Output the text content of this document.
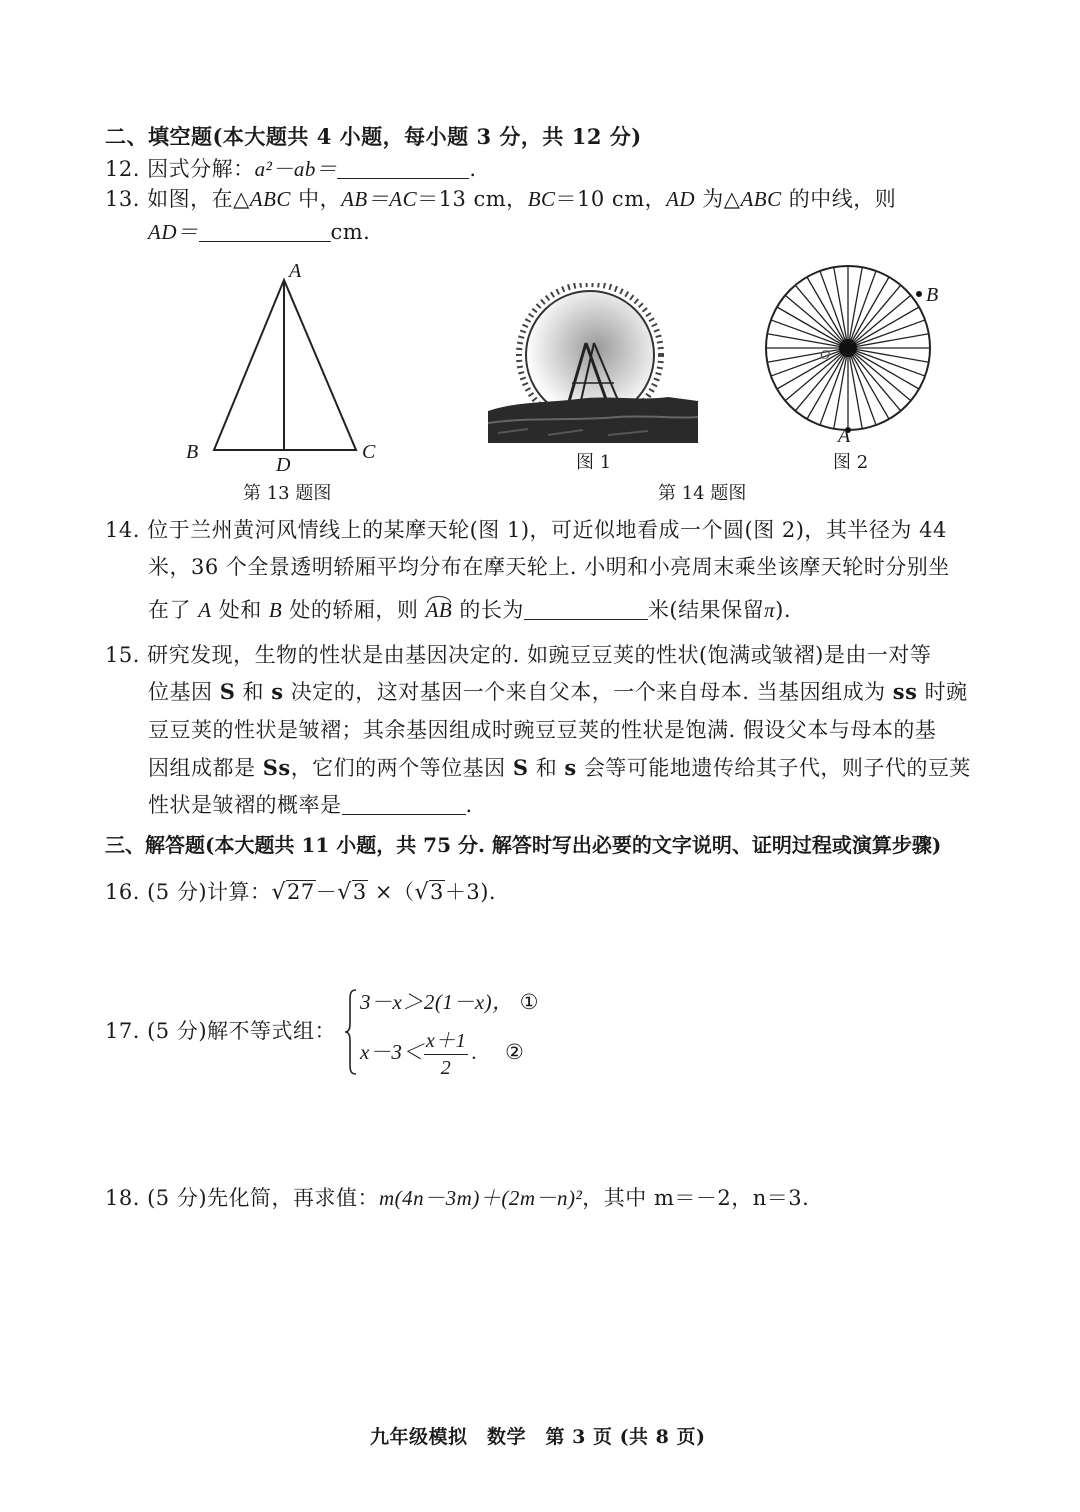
二、填空题(本大题共 4 小题，每小题 3 分，共 12 分)
12. 因式分解：a²－ab＝	.
13. 如图，在△ABC 中，AB＝AC＝13 cm，BC＝10 cm，AD 为△ABC 的中线，则
AD＝	cm.
A
B	C
D
第 13 题图
图 1
B
A
O
图 2
第 14 题图
14. 位于兰州黄河风情线上的某摩天轮(图 1)，可近似地看成一个圆(图 2)，其半径为 44
米，36 个全景透明轿厢平均分布在摩天轮上. 小明和小亮周末乘坐该摩天轮时分别坐
在了 A 处和 B 处的轿厢，则 AB 的长为	米(结果保留π).
15. 研究发现，生物的性状是由基因决定的. 如豌豆豆荚的性状(饱满或皱褶)是由一对等
位基因 S 和 s 决定的，这对基因一个来自父本，一个来自母本. 当基因组成为 ss 时豌
豆豆荚的性状是皱褶；其余基因组成时豌豆豆荚的性状是饱满. 假设父本与母本的基
因组成都是 Ss，它们的两个等位基因 S 和 s 会等可能地遗传给其子代，则子代的豆荚
性状是皱褶的概率是	.
三、解答题(本大题共 11 小题，共 75 分. 解答时写出必要的文字说明、证明过程或演算步骤)
16. (5 分)计算：√27－√3 ×（√3＋3).
17. (5 分)解不等式组：
3－x＞2(1－x)， ①
$x-3< \frac{x+1}{2}$ . ②
18. (5 分)先化简，再求值：m(4n－3m)＋(2m－n)²，其中 m＝－2，n＝3.
九年级模拟　数学　第 3 页 (共 8 页)
